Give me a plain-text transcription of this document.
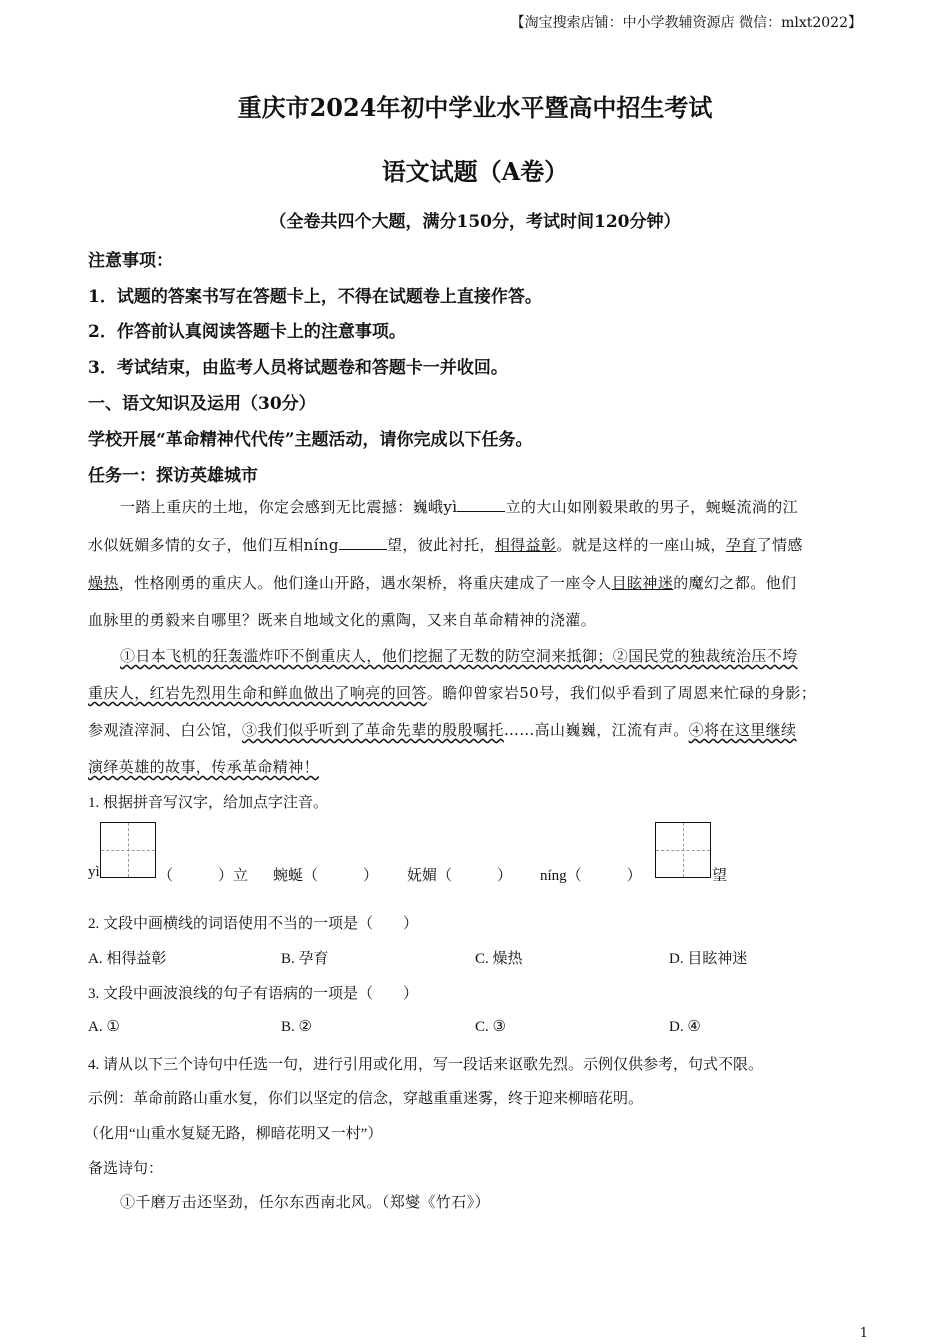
【淘宝搜索店铺：中小学教辅资源店 微信：mlxt2022】
重庆市2024年初中学业水平暨高中招生考试
语文试题（A卷）
（全卷共四个大题，满分150分，考试时间120分钟）
注意事项：
1．试题的答案书写在答题卡上，不得在试题卷上直接作答。
2．作答前认真阅读答题卡上的注意事项。
3．考试结束，由监考人员将试题卷和答题卡一并收回。
一、语文知识及运用（30分）
学校开展“革命精神代代传”主题活动，请你完成以下任务。
任务一：探访英雄城市
一踏上重庆的土地，你定会感到无比震撼：巍峨yì	立的大山如刚毅果敢的男子，蜿蜒流淌的江
水似妩媚多情的女子，他们互相níng	望，彼此衬托，相得益彰。就是这样的一座山城，孕育了情感
燥热，性格刚勇的重庆人。他们逢山开路，遇水架桥，将重庆建成了一座令人目眩神迷的魔幻之都。他们
血脉里的勇毅来自哪里？既来自地域文化的熏陶，又来自革命精神的浇灌。
①日本飞机的狂轰滥炸吓不倒重庆人，他们挖掘了无数的防空洞来抵御；②国民党的独裁统治压不垮
重庆人，红岩先烈用生命和鲜血做出了响亮的回答。瞻仰曾家岩50号，我们似乎看到了周恩来忙碌的身影；
参观渣滓洞、白公馆，③我们似乎听到了革命先辈的殷殷嘱托……高山巍巍，江流有声。④将在这里继续
演绎英雄的故事，传承革命精神！
1. 根据拼音写汉字，给加点字注音。
yì	（　　　）立 蜿蜒（　　　） 妩媚（　　　） níng（　　　）	望
2. 文段中画横线的词语使用不当的一项是（　　）
A. 相得益彰	B. 孕育	C. 燥热	D. 目眩神迷
3. 文段中画波浪线的句子有语病的一项是（　　）
A. ①	B. ②	C. ③	D. ④
4. 请从以下三个诗句中任选一句，进行引用或化用，写一段话来讴歌先烈。示例仅供参考，句式不限。
示例：革命前路山重水复，你们以坚定的信念，穿越重重迷雾，终于迎来柳暗花明。
（化用“山重水复疑无路，柳暗花明又一村”）
备选诗句：
①千磨万击还坚劲，任尔东西南北风。（郑燮《竹石》）
1
